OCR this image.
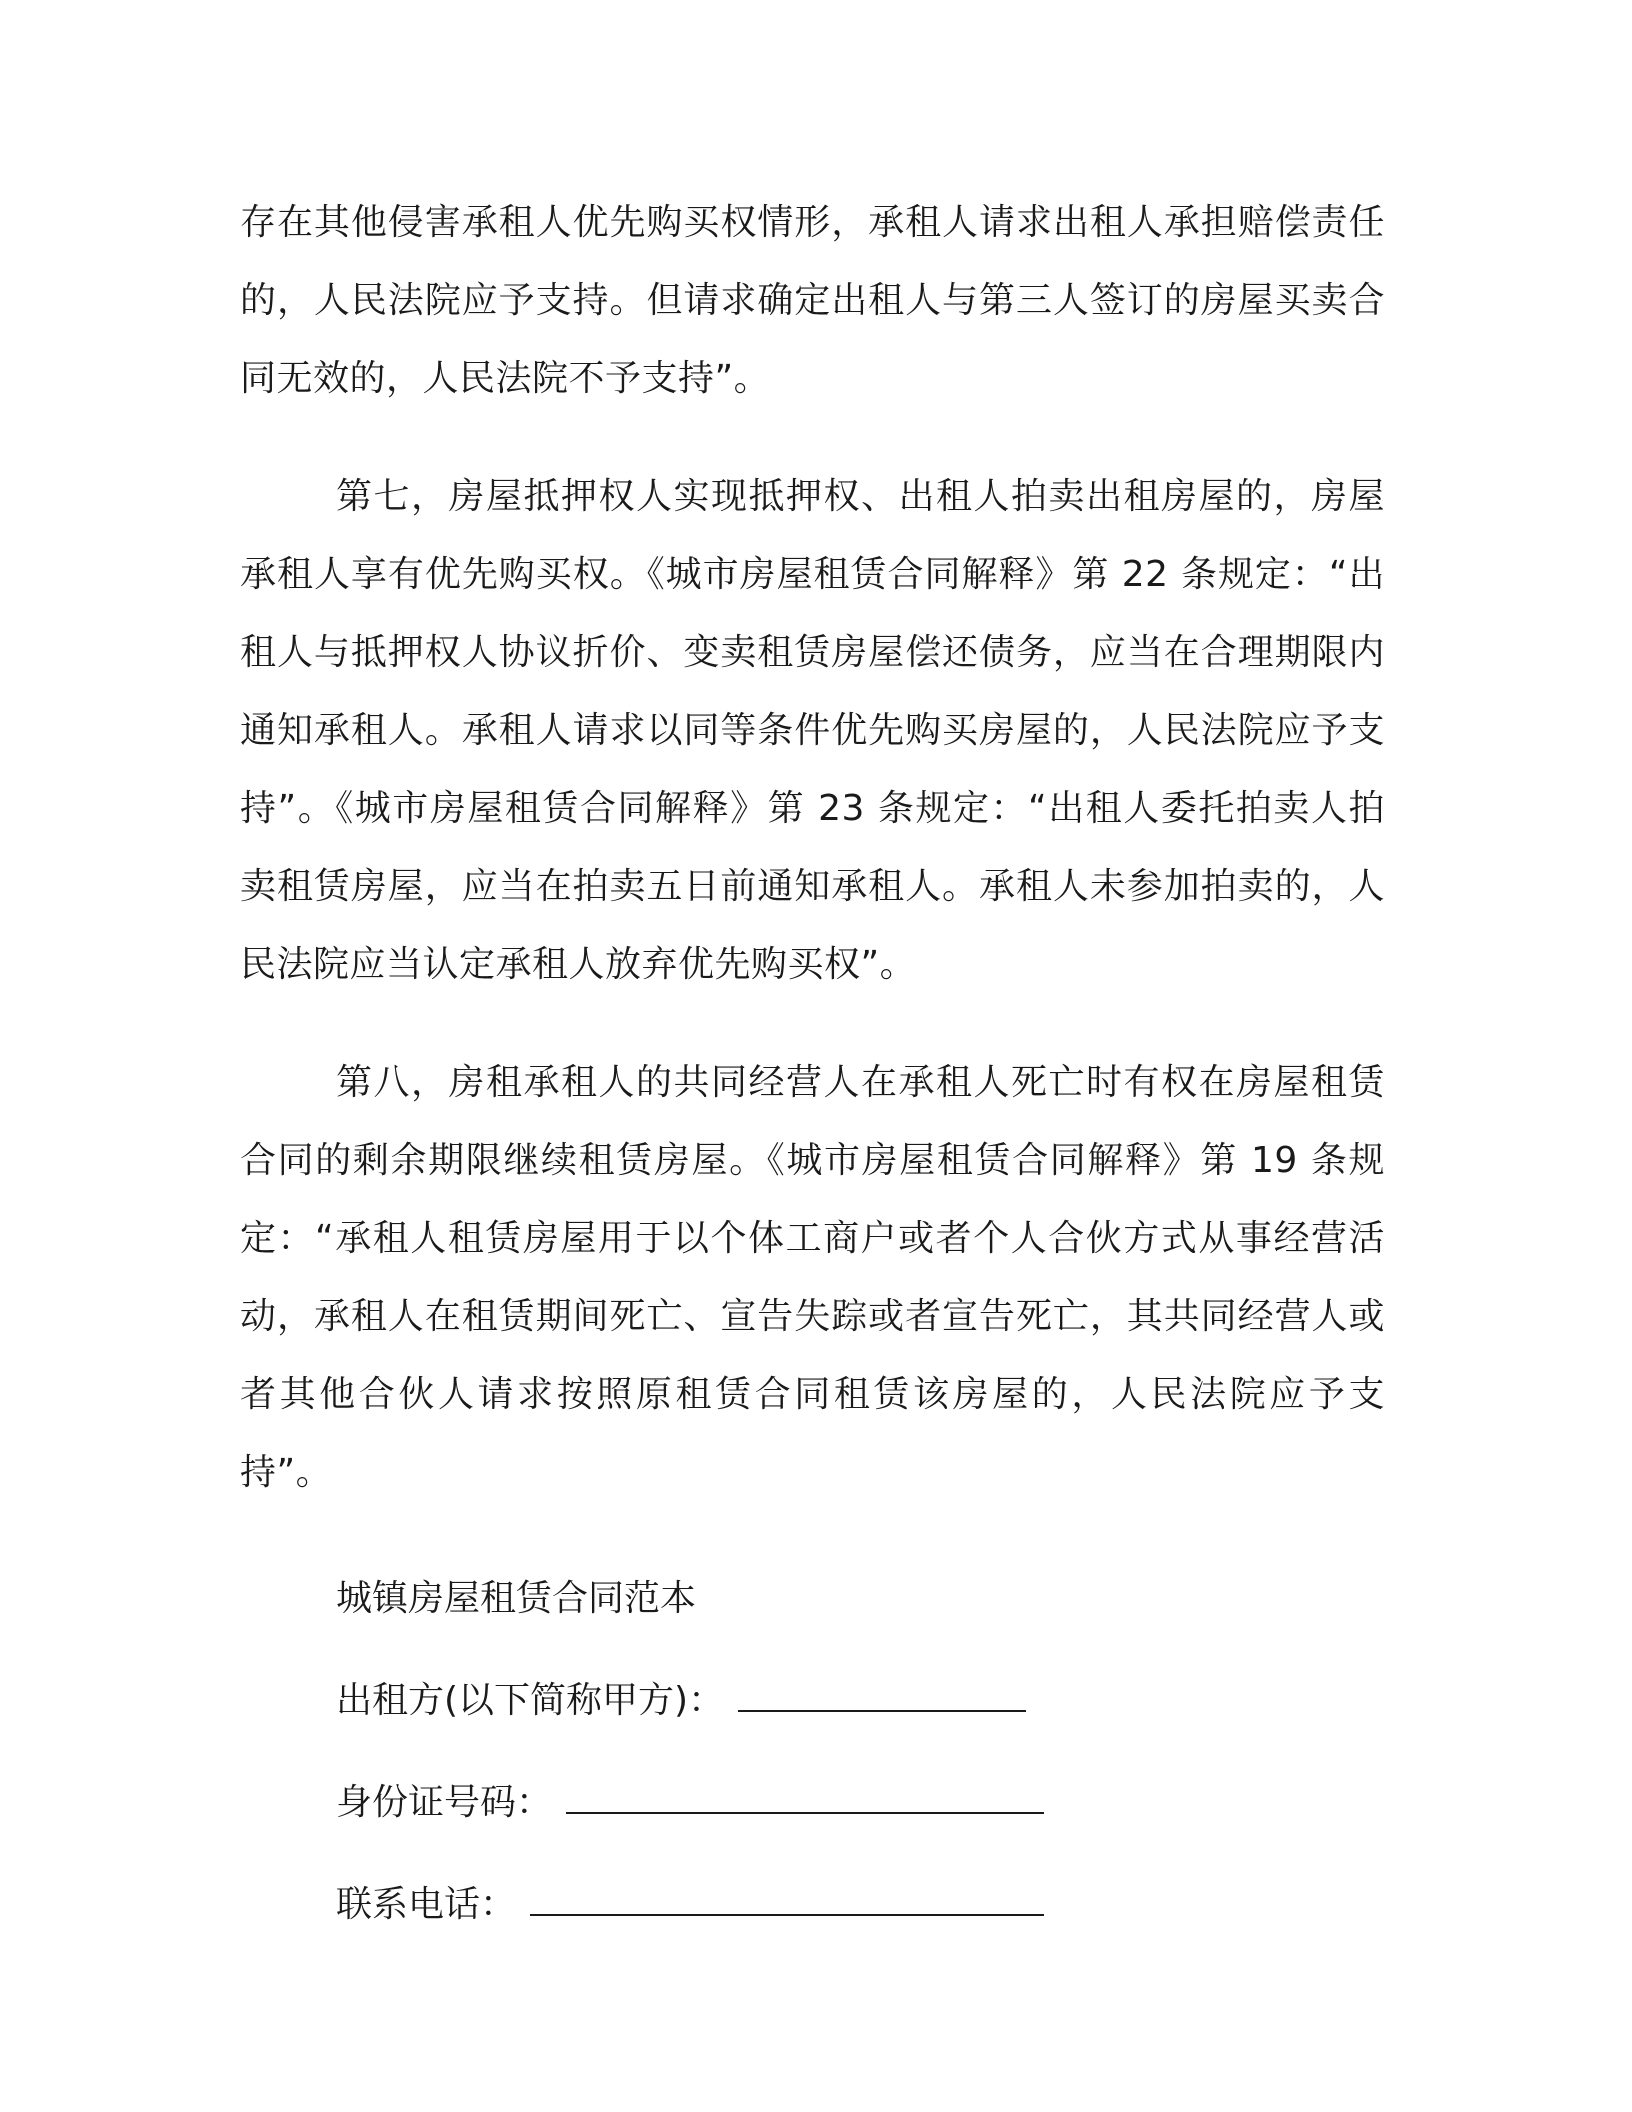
存在其他侵害承租人优先购买权情形，承租人请求出租人承担赔偿责任的，人民法院应予支持。但请求确定出租人与第三人签订的房屋买卖合同无效的，人民法院不予支持”。

第七，房屋抵押权人实现抵押权、出租人拍卖出租房屋的，房屋承租人享有优先购买权。《城市房屋租赁合同解释》第 22 条规定：“出租人与抵押权人协议折价、变卖租赁房屋偿还债务，应当在合理期限内通知承租人。承租人请求以同等条件优先购买房屋的，人民法院应予支持”。《城市房屋租赁合同解释》第 23 条规定：“出租人委托拍卖人拍卖租赁房屋，应当在拍卖五日前通知承租人。承租人未参加拍卖的，人民法院应当认定承租人放弃优先购买权”。

第八，房租承租人的共同经营人在承租人死亡时有权在房屋租赁合同的剩余期限继续租赁房屋。《城市房屋租赁合同解释》第 19 条规定：“承租人租赁房屋用于以个体工商户或者个人合伙方式从事经营活动，承租人在租赁期间死亡、宣告失踪或者宣告死亡，其共同经营人或者其他合伙人请求按照原租赁合同租赁该房屋的，人民法院应予支持”。

城镇房屋租赁合同范本

出租方(以下简称甲方)：

身份证号码：

联系电话：
